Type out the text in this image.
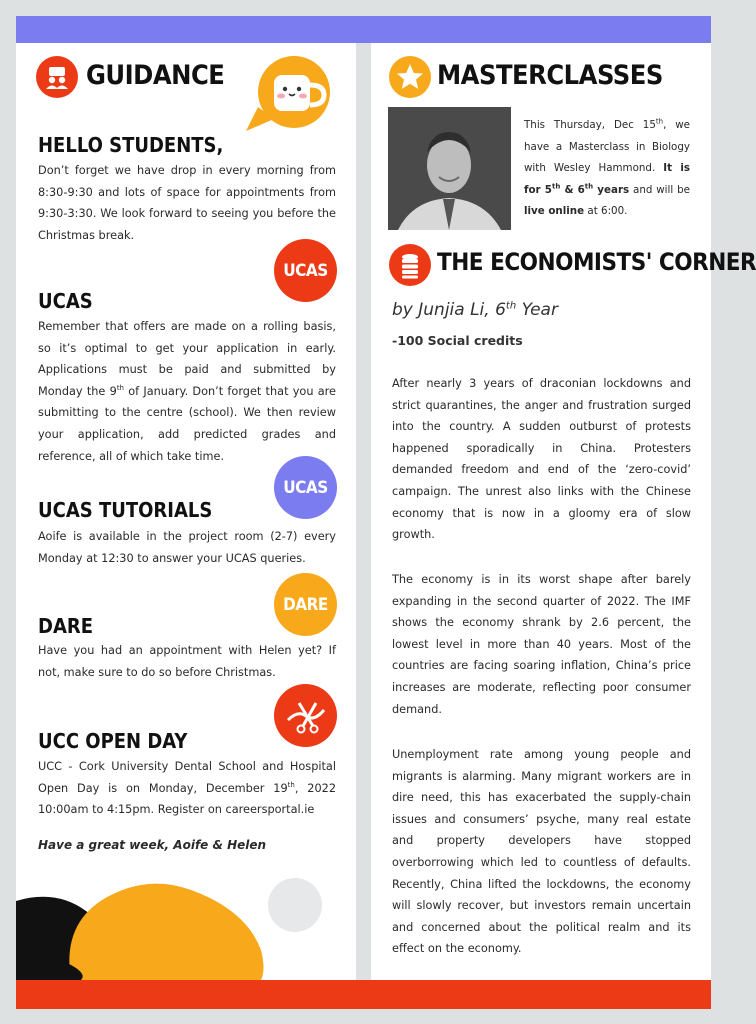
GUIDANCE
HELLO STUDENTS,
Don’t forget we have drop in every morning from 8:30-9:30 and lots of space for appointments from 9:30-3:30. We look forward to seeing you before the Christmas break.
UCAS
UCAS
Remember that offers are made on a rolling basis, so it’s optimal to get your application in early. Applications must be paid and submitted by Monday the 9th of January. Don’t forget that you are submitting to the centre (school). We then review your application, add predicted grades and reference, all of which take time.
UCAS
UCAS TUTORIALS
Aoife is available in the project room (2-7) every Monday at 12:30 to answer your UCAS queries.
DARE
DARE
Have you had an appointment with Helen yet? If not, make sure to do so before Christmas.
UCC OPEN DAY
UCC - Cork University Dental School and Hospital Open Day is on Monday, December 19th, 2022 10:00am to 4:15pm. Register on careersportal.ie
Have a great week, Aoife & Helen
MASTERCLASSES
This Thursday, Dec 15th, we have a Masterclass in Biology with Wesley Hammond. It is for 5th & 6th years and will be live online at 6:00.
THE ECONOMISTS' CORNER
by Junjia Li, 6th Year
-100 Social credits
After nearly 3 years of draconian lockdowns and strict quarantines, the anger and frustration surged into the country. A sudden outburst of protests happened sporadically in China. Protesters demanded freedom and end of the ‘zero-covid’ campaign. The unrest also links with the Chinese economy that is now in a gloomy era of slow growth.
The economy is in its worst shape after barely expanding in the second quarter of 2022. The IMF shows the economy shrank by 2.6 percent, the lowest level in more than 40 years. Most of the countries are facing soaring inflation, China’s price increases are moderate, reflecting poor consumer demand.
Unemployment rate among young people and migrants is alarming. Many migrant workers are in dire need, this has exacerbated the supply-chain issues and consumers’ psyche, many real estate and property developers have stopped overborrowing which led to countless of defaults. Recently, China lifted the lockdowns, the economy will slowly recover, but investors remain uncertain and concerned about the political realm and its effect on the economy.
